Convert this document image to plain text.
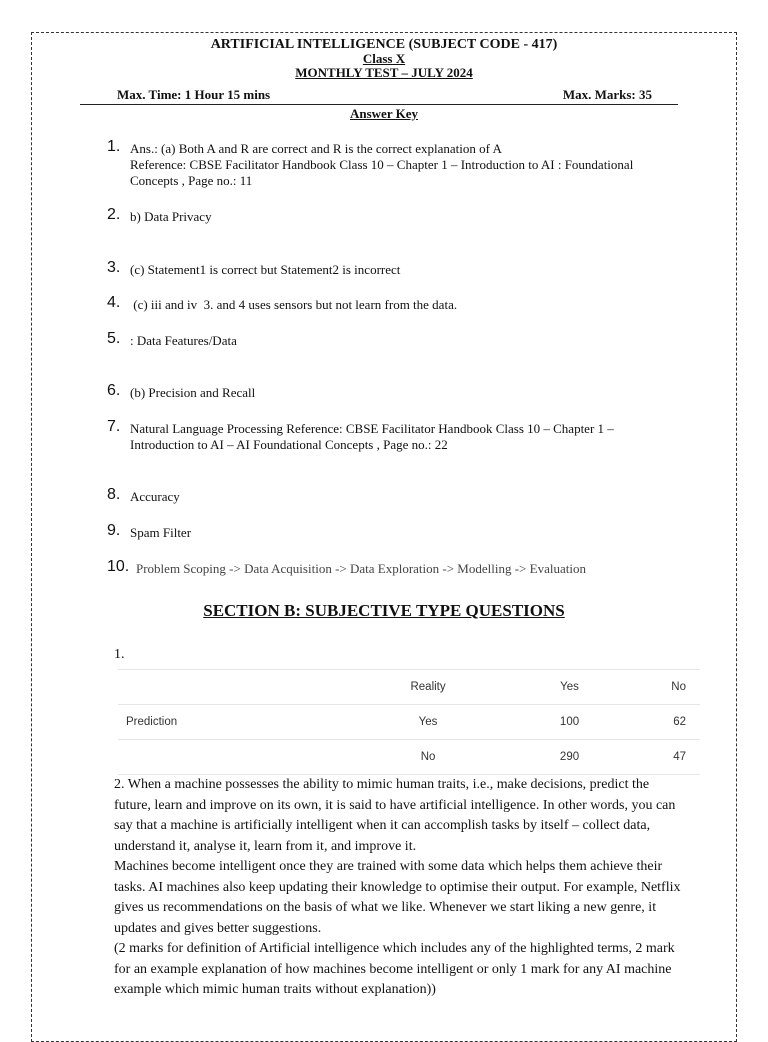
ARTIFICIAL INTELLIGENCE (SUBJECT CODE - 417)
Class X
MONTHLY TEST – JULY 2024
Max. Time: 1 Hour 15 mins	Max. Marks: 35
Answer Key
1. Ans.: (a) Both A and R are correct and R is the correct explanation of A
Reference: CBSE Facilitator Handbook Class 10 – Chapter 1 – Introduction to AI : Foundational
Concepts , Page no.: 11
2. b) Data Privacy
3. (c) Statement1 is correct but Statement2 is incorrect
4. (c) iii and iv  3. and 4 uses sensors but not learn from the data.
5. : Data Features/Data
6. (b) Precision and Recall
7. Natural Language Processing Reference: CBSE Facilitator Handbook Class 10 – Chapter 1 –
Introduction to AI – AI Foundational Concepts , Page no.: 22
8. Accuracy
9. Spam Filter
10. Problem Scoping -> Data Acquisition -> Data Exploration -> Modelling -> Evaluation
SECTION B: SUBJECTIVE TYPE QUESTIONS
1.
	Reality	Yes	No
Prediction	Yes	100	62
	No	290	47

2. When a machine possesses the ability to mimic human traits, i.e., make decisions, predict the future, learn and improve on its own, it is said to have artificial intelligence. In other words, you can say that a machine is artificially intelligent when it can accomplish tasks by itself – collect data, understand it, analyse it, learn from it, and improve it.

Machines become intelligent once they are trained with some data which helps them achieve their tasks. AI machines also keep updating their knowledge to optimise their output. For example, Netflix gives us recommendations on the basis of what we like. Whenever we start liking a new genre, it updates and gives better suggestions.

(2 marks for definition of Artificial intelligence which includes any of the highlighted terms, 2 mark for an example explanation of how machines become intelligent or only 1 mark for any AI machine example which mimic human traits without explanation))
